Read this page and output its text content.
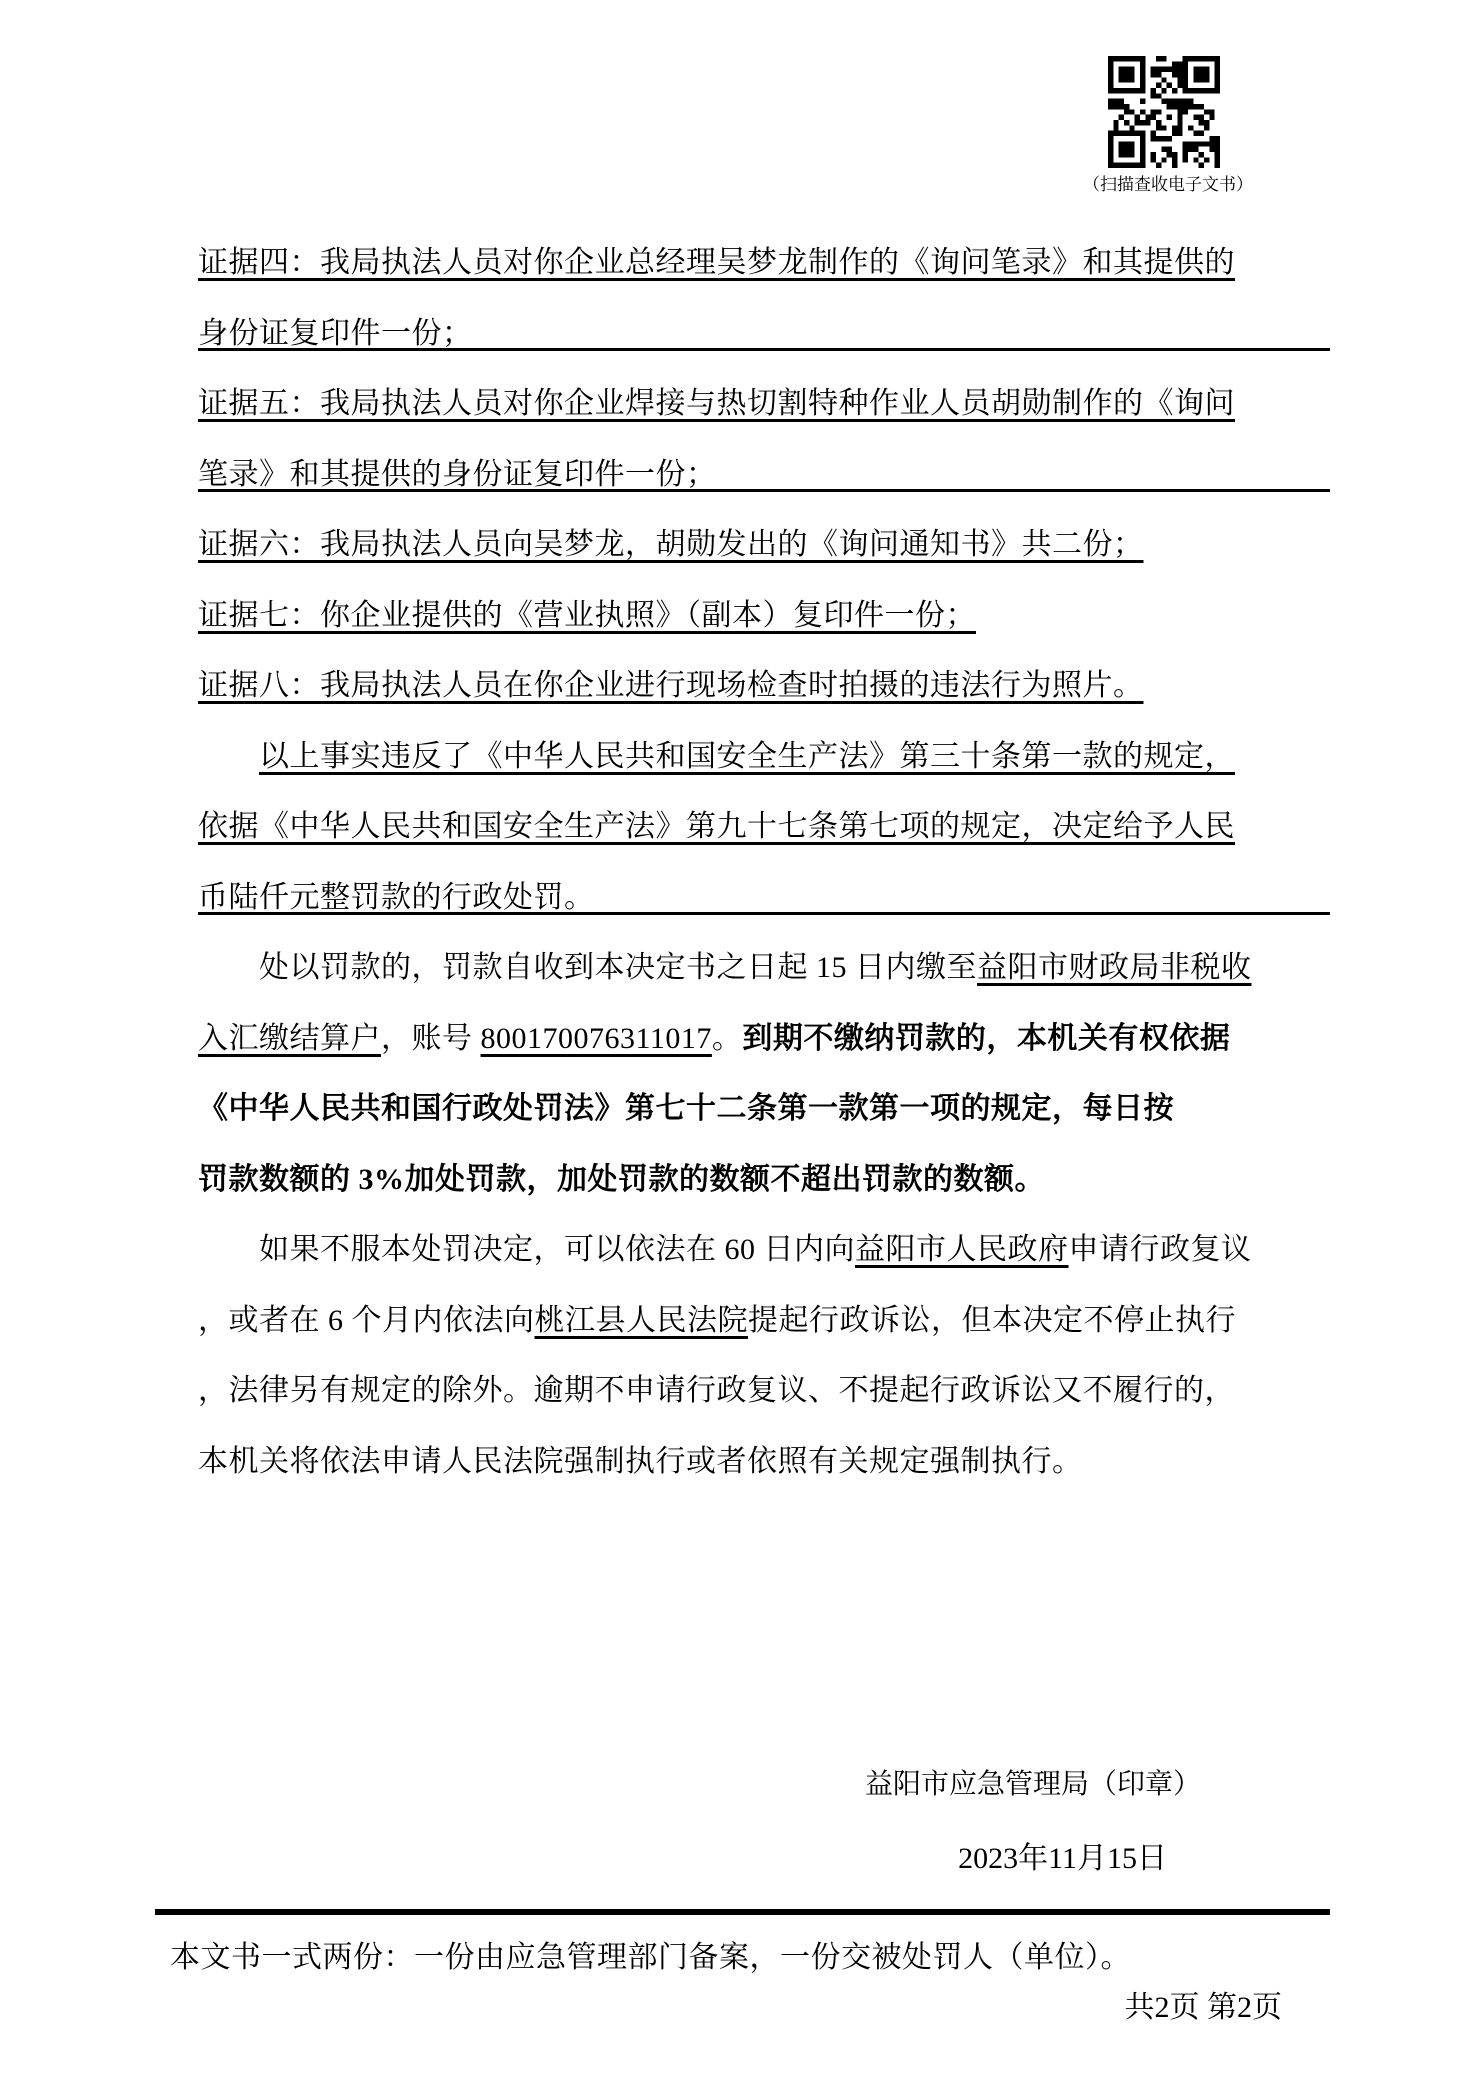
（扫描查收电子文书）
证据四：我局执法人员对你企业总经理吴梦龙制作的《询问笔录》和其提供的
身份证复印件一份；
证据五：我局执法人员对你企业焊接与热切割特种作业人员胡勋制作的《询问
笔录》和其提供的身份证复印件一份；
证据六：我局执法人员向吴梦龙，胡勋发出的《询问通知书》共二份；
证据七：你企业提供的《营业执照》（副本）复印件一份；
证据八：我局执法人员在你企业进行现场检查时拍摄的违法行为照片。
以上事实违反了《中华人民共和国安全生产法》第三十条第一款的规定，
依据《中华人民共和国安全生产法》第九十七条第七项的规定，决定给予人民
币陆仟元整罚款的行政处罚。
处以罚款的，罚款自收到本决定书之日起 15 日内缴至益阳市财政局非税收
入汇缴结算户，账号 800170076311017。到期不缴纳罚款的，本机关有权依据
《中华人民共和国行政处罚法》第七十二条第一款第一项的规定，每日按
罚款数额的 3%加处罚款，加处罚款的数额不超出罚款的数额。
如果不服本处罚决定，可以依法在 60 日内向益阳市人民政府申请行政复议
，或者在 6 个月内依法向桃江县人民法院提起行政诉讼，但本决定不停止执行
，法律另有规定的除外。逾期不申请行政复议、不提起行政诉讼又不履行的，
本机关将依法申请人民法院强制执行或者依照有关规定强制执行。
益阳市应急管理局（印章）
2023年11月15日
本文书一式两份：一份由应急管理部门备案，一份交被处罚人（单位）。
共2页 第2页
